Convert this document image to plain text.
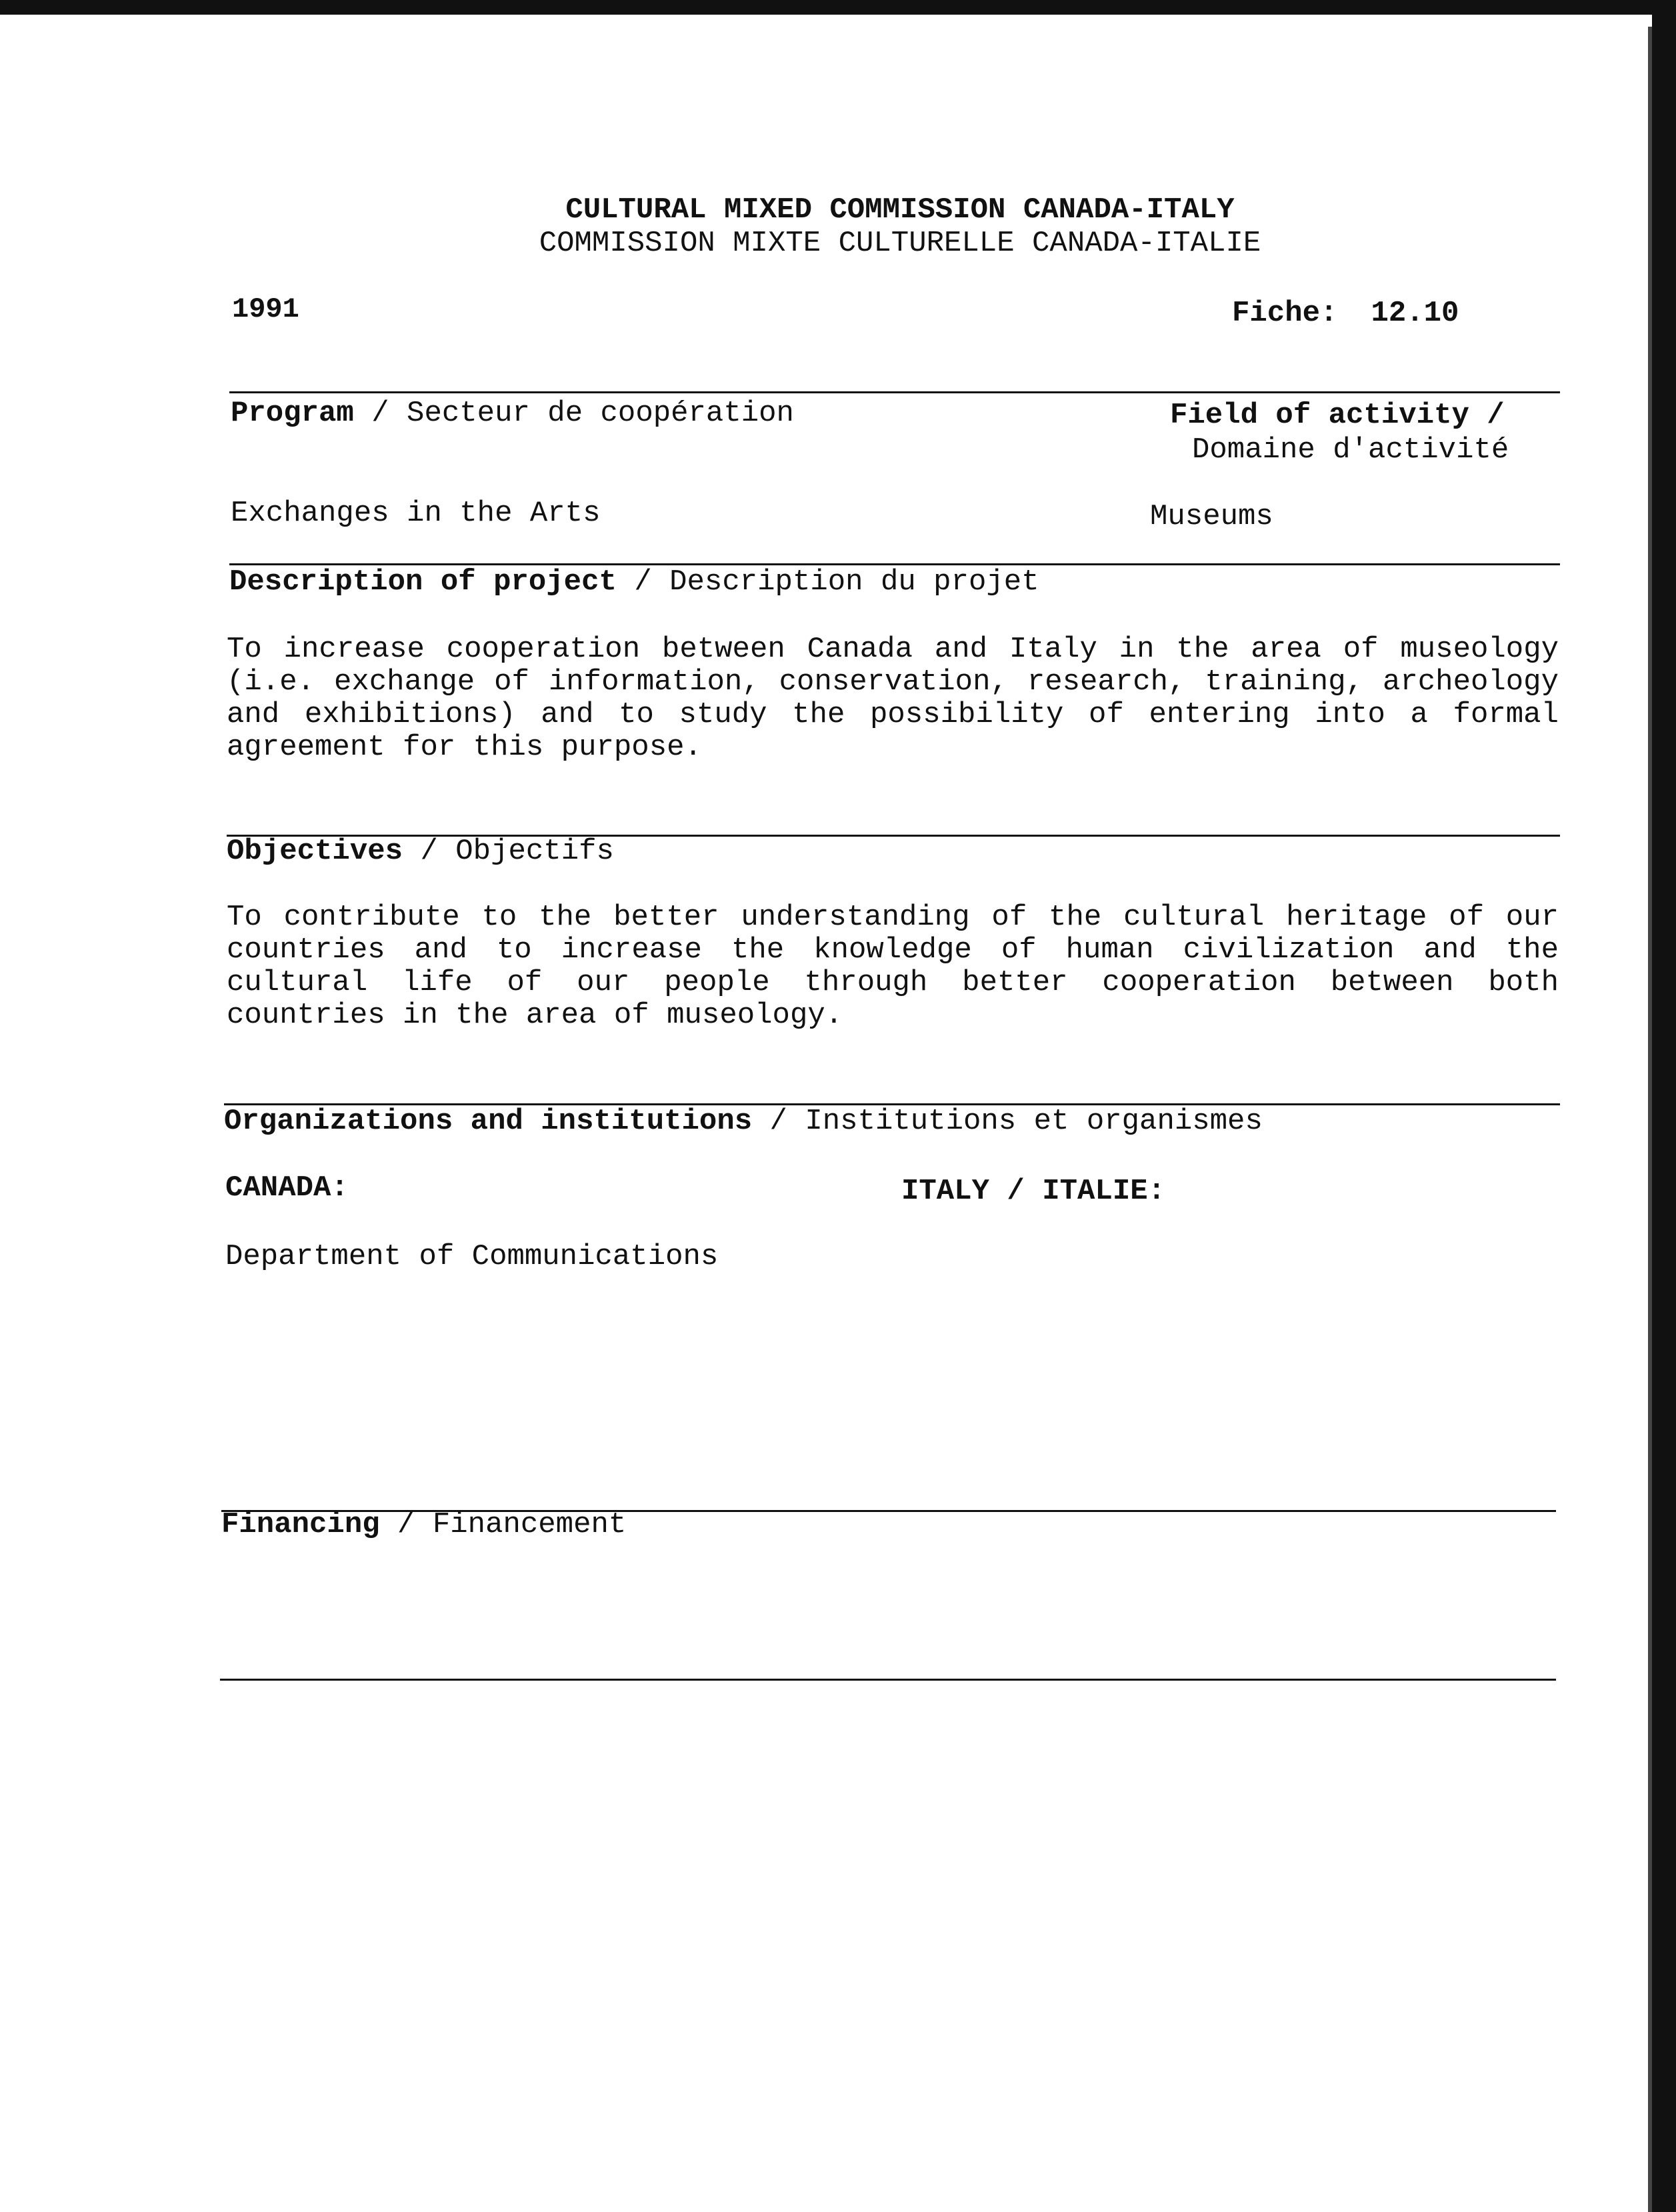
CULTURAL MIXED COMMISSION CANADA-ITALY
COMMISSION MIXTE CULTURELLE CANADA-ITALIE
1991	Fiche: 12.10
Program / Secteur de coopération	Field of activity /
Domaine d'activité
Exchanges in the Arts	Museums
Description of project / Description du projet
To increase cooperation between Canada and Italy in the area of museology (i.e. exchange of information, conservation, research, training, archeology and exhibitions) and to study the possibility of entering into a formal agreement for this purpose.
Objectives / Objectifs
To contribute to the better understanding of the cultural heritage of our countries and to increase the knowledge of human civilization and the cultural life of our people through better cooperation between both countries in the area of museology.
Organizations and institutions / Institutions et organismes
CANADA:	ITALY / ITALIE:
Department of Communications
Financing / Financement
